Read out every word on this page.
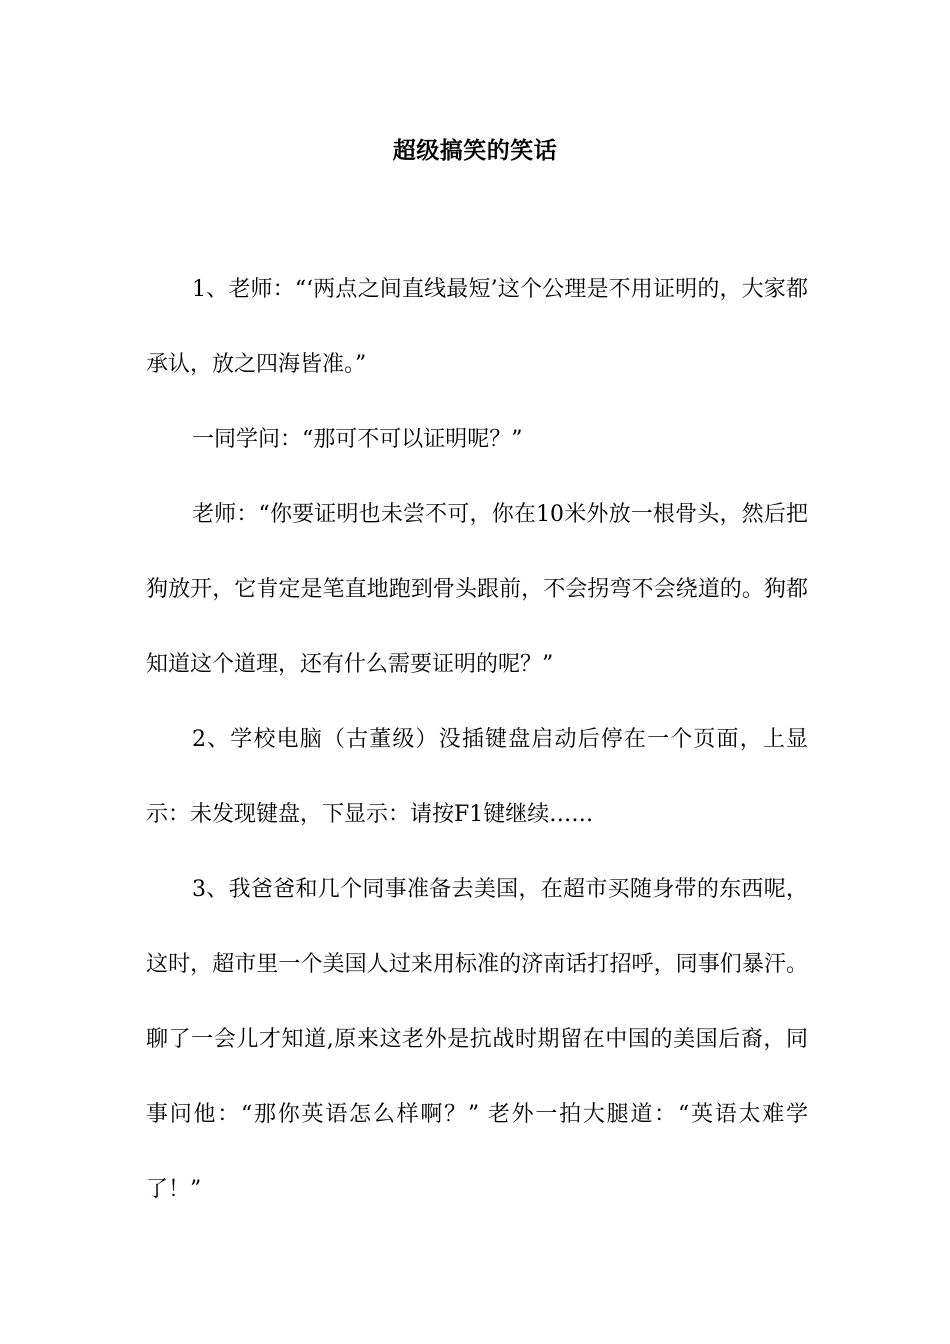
超级搞笑的笑话

1、老师：“‘两点之间直线最短’这个公理是不用证明的，大家都承认，放之四海皆准。”

一同学问：“那可不可以证明呢？”

老师：“你要证明也未尝不可，你在10米外放一根骨头，然后把狗放开，它肯定是笔直地跑到骨头跟前，不会拐弯不会绕道的。狗都知道这个道理，还有什么需要证明的呢？”

2、学校电脑（古董级）没插键盘启动后停在一个页面，上显示：未发现键盘，下显示：请按F1键继续……

3、我爸爸和几个同事准备去美国，在超市买随身带的东西呢，这时，超市里一个美国人过来用标准的济南话打招呼，同事们暴汗。聊了一会儿才知道,原来这老外是抗战时期留在中国的美国后裔，同事问他：“那你英语怎么样啊？” 老外一拍大腿道：“英语太难学了！”
